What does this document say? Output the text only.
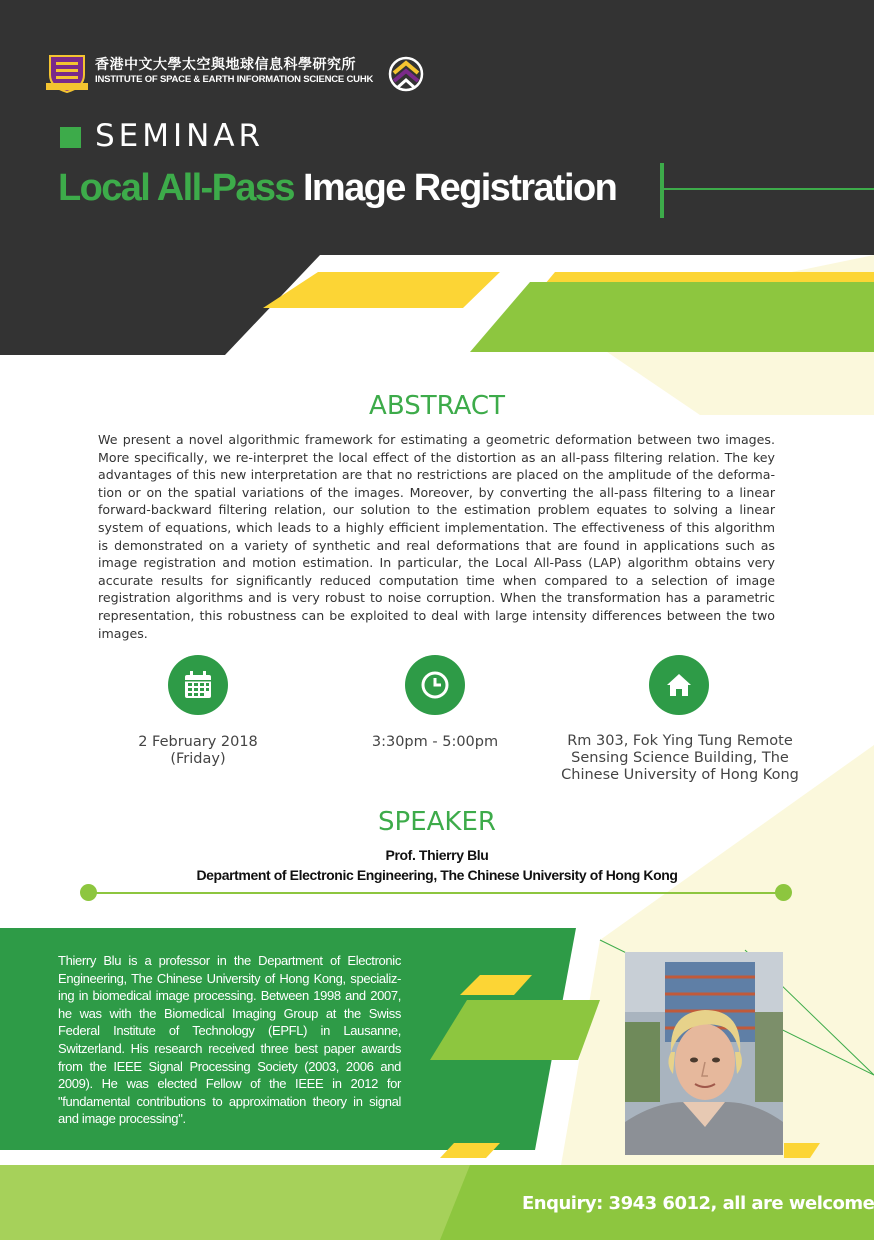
香港中文大學太空與地球信息科學研究所
INSTITUTE OF SPACE & EARTH INFORMATION SCIENCE CUHK
SEMINAR
Local All-Pass Image Registration
ABSTRACT
We present a novel algorithmic framework for estimating a geometric deformation between two images. More specifically, we re-interpret the local effect of the distortion as an all-pass filtering relation. The key advantages of this new interpretation are that no restrictions are placed on the amplitude of the deforma-tion or on the spatial variations of the images. Moreover, by converting the all-pass filtering to a linear forward-backward filtering relation, our solution to the estimation problem equates to solving a linear system of equations, which leads to a highly efficient implementation. The effectiveness of this algorithm is demonstrated on a variety of synthetic and real deformations that are found in applications such as image registration and motion estimation. In particular, the Local All-Pass (LAP) algorithm obtains very accurate results for significantly reduced computation time when compared to a selection of image registration algorithms and is very robust to noise corruption. When the transformation has a parametric representation, this robustness can be exploited to deal with large intensity differences between the two images.
2 February 2018
(Friday)
3:30pm - 5:00pm	Rm 303, Fok Ying Tung Remote
Sensing Science Building, The
Chinese University of Hong Kong
SPEAKER
Prof. Thierry Blu
Department of Electronic Engineering, The Chinese University of Hong Kong
Thierry Blu is a professor in the Department of Electronic Engineering, The Chinese University of Hong Kong, specializ-ing in biomedical image processing. Between 1998 and 2007, he was with the Biomedical Imaging Group at the Swiss Federal Institute of Technology (EPFL) in Lausanne, Switzerland. His research received three best paper awards from the IEEE Signal Processing Society (2003, 2006 and 2009). He was elected Fellow of the IEEE in 2012 for "fundamental contributions to approximation theory in signal and image processing".
Enquiry: 3943 6012, all are welcome
